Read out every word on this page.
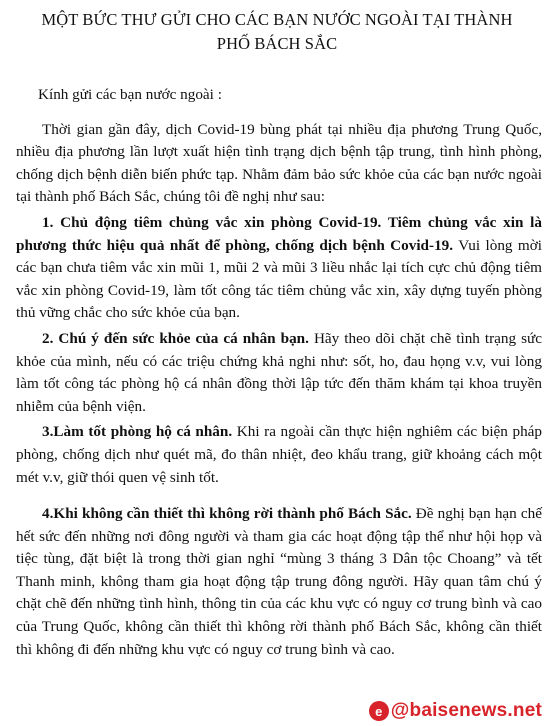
MỘT BỨC THƯ GỬI CHO CÁC BẠN NƯỚC NGOÀI TẠI THÀNH PHỐ BÁCH SẮC

Kính gửi các bạn nước ngoài :

Thời gian gần đây, dịch Covid-19 bùng phát tại nhiều địa phương Trung Quốc, nhiều địa phương lần lượt xuất hiện tình trạng dịch bệnh tập trung, tình hình phòng, chống dịch bệnh diễn biến phức tạp. Nhằm đảm bảo sức khỏe của các bạn nước ngoài tại thành phố Bách Sắc, chúng tôi đề nghị như sau:

1. Chủ động tiêm chủng vắc xin phòng Covid-19. Tiêm chủng vắc xin là phương thức hiệu quả nhất để phòng, chống dịch bệnh Covid-19. Vui lòng mời các bạn chưa tiêm vắc xin mũi 1, mũi 2 và mũi 3 liều nhắc lại tích cực chủ động tiêm vắc xin phòng Covid-19, làm tốt công tác tiêm chủng vắc xin, xây dựng tuyến phòng thủ vững chắc cho sức khỏe của bạn.

2. Chú ý đến sức khỏe của cá nhân bạn. Hãy theo dõi chặt chẽ tình trạng sức khỏe của mình, nếu có các triệu chứng khả nghi như: sốt, ho, đau họng v.v, vui lòng làm tốt công tác phòng hộ cá nhân đồng thời lập tức đến thăm khám tại khoa truyền nhiễm của bệnh viện.

3.Làm tốt phòng hộ cá nhân. Khi ra ngoài cần thực hiện nghiêm các biện pháp phòng, chống dịch như quét mã, đo thân nhiệt, đeo khẩu trang, giữ khoảng cách một mét v.v, giữ thói quen vệ sinh tốt.

4.Khi không cần thiết thì không rời thành phố Bách Sắc. Đề nghị bạn hạn chế hết sức đến những nơi đông người và tham gia các hoạt động tập thể như hội họp và tiệc tùng, đặt biệt là trong thời gian nghỉ “mùng 3 tháng 3 Dân tộc Choang” và tết Thanh minh, không tham gia hoạt động tập trung đông người. Hãy quan tâm chú ý chặt chẽ đến những tình hình, thông tin của các khu vực có nguy cơ trung bình và cao của Trung Quốc, không cần thiết thì không rời thành phố Bách Sắc, không cần thiết thì không đi đến những khu vực có nguy cơ trung bình và cao.

e @baisenews.net
